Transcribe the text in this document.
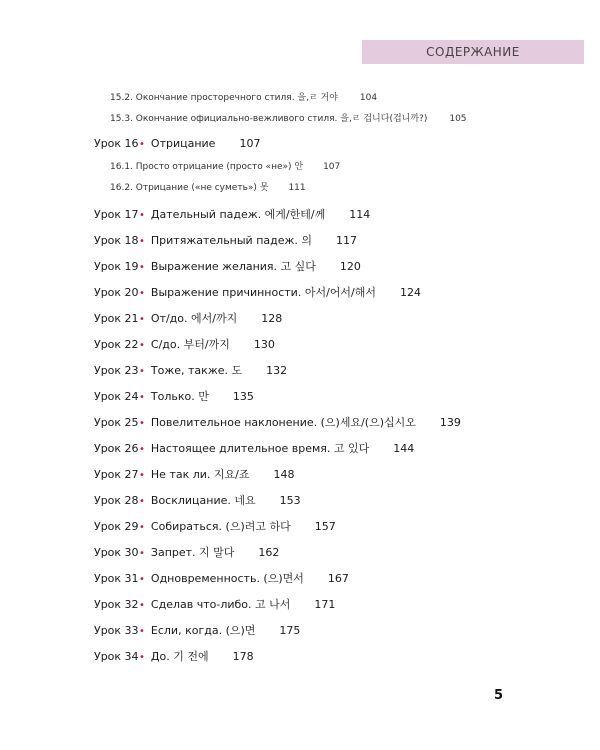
СОДЕРЖАНИЕ
15.2. Окончание просторечного стиля. 을,ㄹ 거야 104
15.3. Окончание официально-вежливого стиля. 을,ㄹ 겁니다(겁니까?) 105
Урок 16 • Отрицание 107
16.1. Просто отрицание (просто «не») 안 107
16.2. Отрицание («не суметь») 못 111
Урок 17 • Дательный падеж. 에게/한테/께 114
Урок 18 • Притяжательный падеж. 의 117
Урок 19 • Выражение желания. 고 싶다 120
Урок 20 • Выражение причинности. 아서/어서/해서 124
Урок 21 • От/до. 에서/까지 128
Урок 22 • С/до. 부터/까지 130
Урок 23 • Тоже, также. 도 132
Урок 24 • Только. 만 135
Урок 25 • Повелительное наклонение. (으)세요/(으)십시오 139
Урок 26 • Настоящее длительное время. 고 있다 144
Урок 27 • Не так ли. 지요/죠 148
Урок 28 • Восклицание. 네요 153
Урок 29 • Собираться. (으)려고 하다 157
Урок 30 • Запрет. 지 말다 162
Урок 31 • Одновременность. (으)면서 167
Урок 32 • Сделав что-либо. 고 나서 171
Урок 33 • Если, когда. (으)면 175
Урок 34 • До. 기 전에 178
5
